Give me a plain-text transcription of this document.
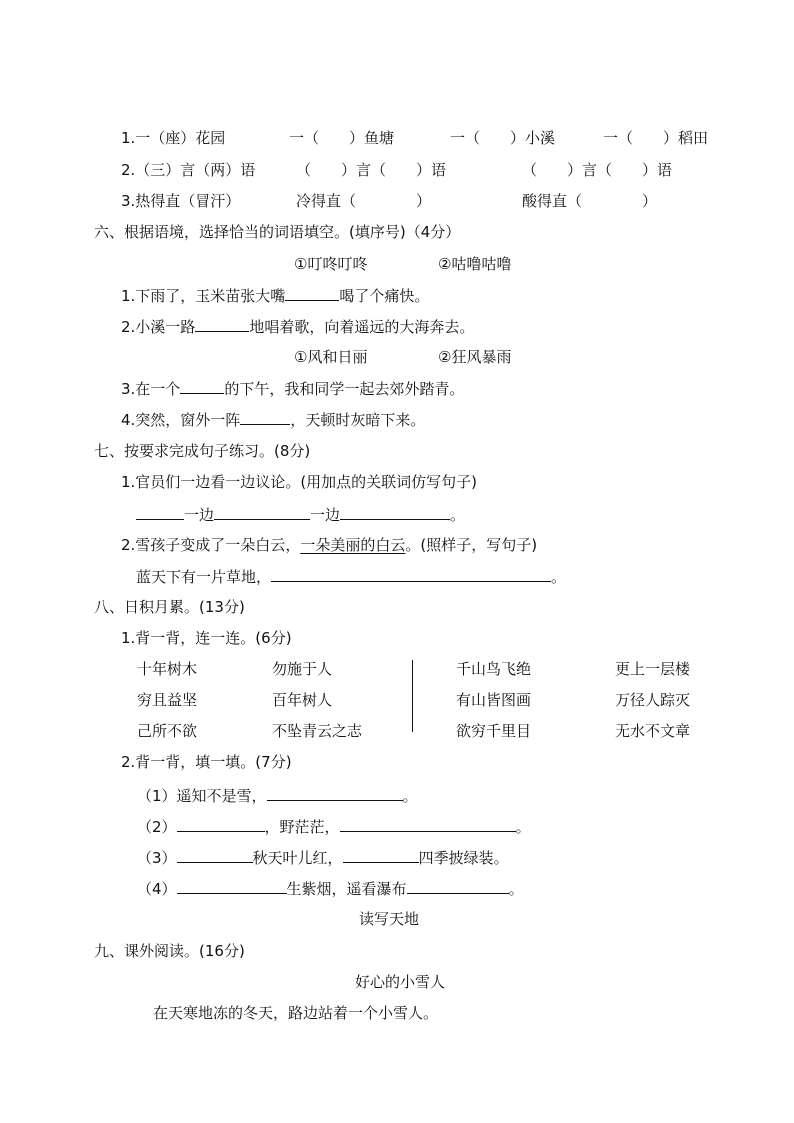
1.一（座）花园	一（　　）鱼塘	一（　　）小溪	一（　　）稻田
2.（三）言（两）语	（　　）言（　　）语	（　　）言（　　）语
3.热得直（冒汗）	冷得直（　　　　）	酸得直（　　　　）
六、根据语境，选择恰当的词语填空。(填序号)（4分）
①叮咚叮咚	②咕噜咕噜
1.下雨了，玉米苗张大嘴	喝了个痛快。
2.小溪一路	地唱着歌，向着遥远的大海奔去。
①风和日丽	②狂风暴雨
3.在一个	的下午，我和同学一起去郊外踏青。
4.突然，窗外一阵	，天顿时灰暗下来。
七、按要求完成句子练习。(8分)
1.官员们一边看一边议论。(用加点的关联词仿写句子)
一边	一边	。
2.雪孩子变成了一朵白云，一朵美丽的白云。(照样子，写句子)
蓝天下有一片草地，	。
八、日积月累。(13分)
1.背一背，连一连。(6分)
十年树木	勿施于人	千山鸟飞绝	更上一层楼
穷且益坚	百年树人	有山皆图画	万径人踪灭
己所不欲	不坠青云之志	欲穷千里目	无水不文章
2.背一背，填一填。(7分)
（1）遥知不是雪，	。
（2）	，野茫茫，	。
（3）	秋天叶儿红，	四季披绿装。
（4）	生紫烟，遥看瀑布	。
读写天地
九、课外阅读。(16分)
好心的小雪人
在天寒地冻的冬天，路边站着一个小雪人。
